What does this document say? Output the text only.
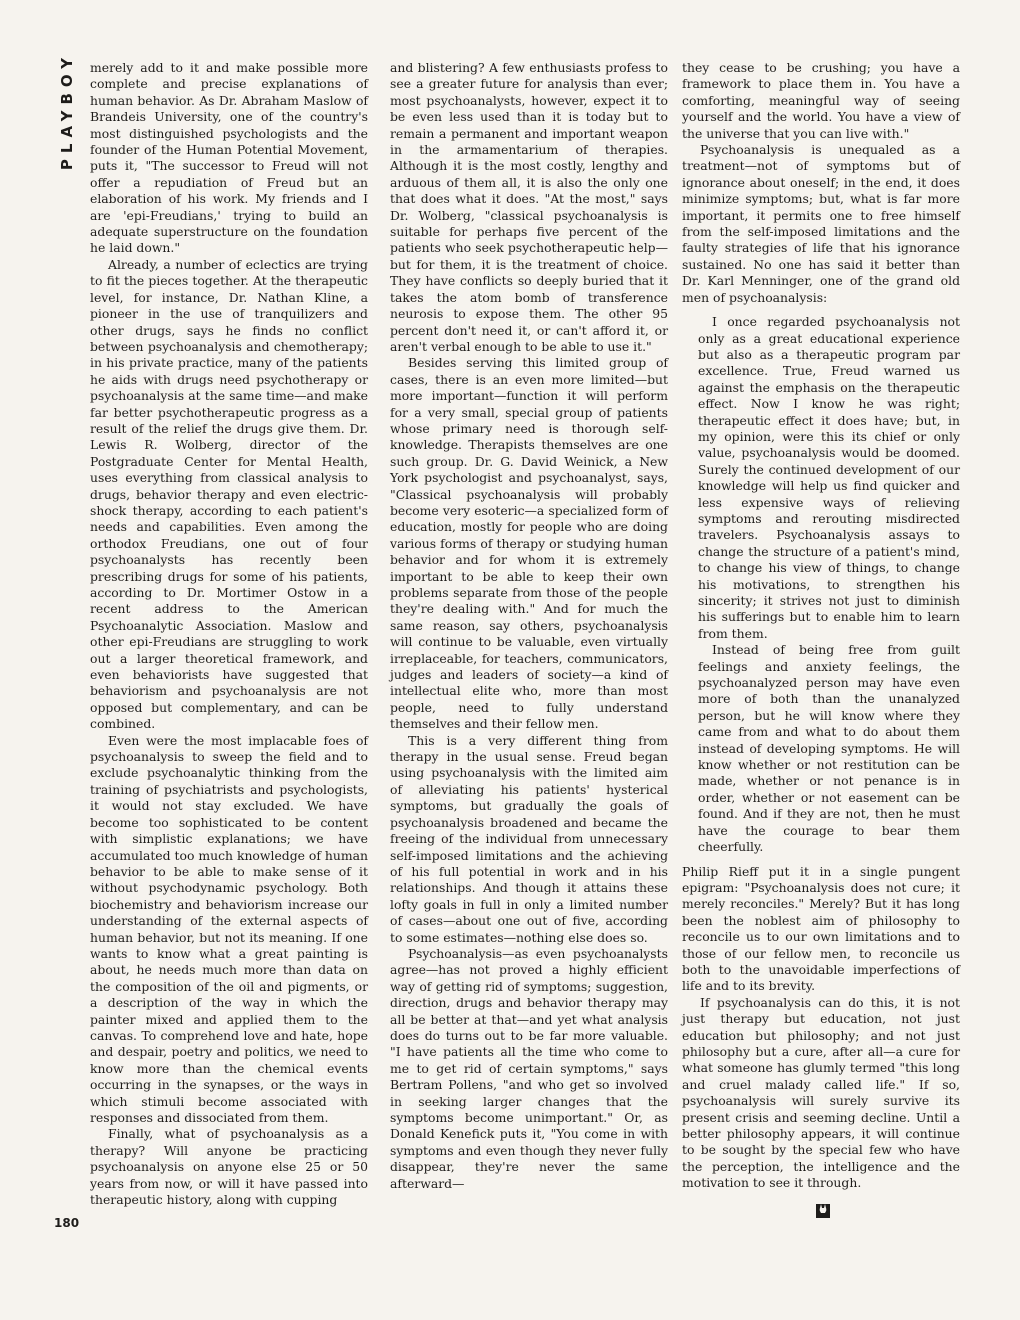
PLAYBOY
180

merely add to it and make possible more complete and precise explanations of human behavior. As Dr. Abraham Maslow of Brandeis University, one of the country's most distinguished psychologists and the founder of the Human Potential Movement, puts it, "The successor to Freud will not offer a repudiation of Freud but an elaboration of his work. My friends and I are 'epi-Freudians,' trying to build an adequate superstructure on the foundation he laid down."

Already, a number of eclectics are trying to fit the pieces together. At the therapeutic level, for instance, Dr. Nathan Kline, a pioneer in the use of tranquilizers and other drugs, says he finds no conflict between psychoanalysis and chemotherapy; in his private practice, many of the patients he aids with drugs need psychotherapy or psychoanalysis at the same time—and make far better psychotherapeutic progress as a result of the relief the drugs give them. Dr. Lewis R. Wolberg, director of the Postgraduate Center for Mental Health, uses everything from classical analysis to drugs, behavior therapy and even electric-shock therapy, according to each patient's needs and capabilities. Even among the orthodox Freudians, one out of four psychoanalysts has recently been prescribing drugs for some of his patients, according to Dr. Mortimer Ostow in a recent address to the American Psychoanalytic Association. Maslow and other epi-Freudians are struggling to work out a larger theoretical framework, and even behaviorists have suggested that behaviorism and psychoanalysis are not opposed but complementary, and can be combined.

Even were the most implacable foes of psychoanalysis to sweep the field and to exclude psychoanalytic thinking from the training of psychiatrists and psychologists, it would not stay excluded. We have become too sophisticated to be content with simplistic explanations; we have accumulated too much knowledge of human behavior to be able to make sense of it without psychodynamic psychology. Both biochemistry and behaviorism increase our understanding of the external aspects of human behavior, but not its meaning. If one wants to know what a great painting is about, he needs much more than data on the composition of the oil and pigments, or a description of the way in which the painter mixed and applied them to the canvas. To comprehend love and hate, hope and despair, poetry and politics, we need to know more than the chemical events occurring in the synapses, or the ways in which stimuli become associated with responses and dissociated from them.

Finally, what of psychoanalysis as a therapy? Will anyone be practicing psychoanalysis on anyone else 25 or 50 years from now, or will it have passed into therapeutic history, along with cupping

and blistering? A few enthusiasts profess to see a greater future for analysis than ever; most psychoanalysts, however, expect it to be even less used than it is today but to remain a permanent and important weapon in the armamentarium of therapies. Although it is the most costly, lengthy and arduous of them all, it is also the only one that does what it does. "At the most," says Dr. Wolberg, "classical psychoanalysis is suitable for perhaps five percent of the patients who seek psychotherapeutic help—but for them, it is the treatment of choice. They have conflicts so deeply buried that it takes the atom bomb of transference neurosis to expose them. The other 95 percent don't need it, or can't afford it, or aren't verbal enough to be able to use it."

Besides serving this limited group of cases, there is an even more limited—but more important—function it will perform for a very small, special group of patients whose primary need is thorough self-knowledge. Therapists themselves are one such group. Dr. G. David Weinick, a New York psychologist and psychoanalyst, says, "Classical psychoanalysis will probably become very esoteric—a specialized form of education, mostly for people who are doing various forms of therapy or studying human behavior and for whom it is extremely important to be able to keep their own problems separate from those of the people they're dealing with." And for much the same reason, say others, psychoanalysis will continue to be valuable, even virtually irreplaceable, for teachers, communicators, judges and leaders of society—a kind of intellectual elite who, more than most people, need to fully understand themselves and their fellow men.

This is a very different thing from therapy in the usual sense. Freud began using psychoanalysis with the limited aim of alleviating his patients' hysterical symptoms, but gradually the goals of psychoanalysis broadened and became the freeing of the individual from unnecessary self-imposed limitations and the achieving of his full potential in work and in his relationships. And though it attains these lofty goals in full in only a limited number of cases—about one out of five, according to some estimates—nothing else does so.

Psychoanalysis—as even psychoanalysts agree—has not proved a highly efficient way of getting rid of symptoms; suggestion, direction, drugs and behavior therapy may all be better at that—and yet what analysis does do turns out to be far more valuable. "I have patients all the time who come to me to get rid of certain symptoms," says Bertram Pollens, "and who get so involved in seeking larger changes that the symptoms become unimportant." Or, as Donald Kenefick puts it, "You come in with symptoms and even though they never fully disappear, they're never the same afterward—

they cease to be crushing; you have a framework to place them in. You have a comforting, meaningful way of seeing yourself and the world. You have a view of the universe that you can live with."

Psychoanalysis is unequaled as a treatment—not of symptoms but of ignorance about oneself; in the end, it does minimize symptoms; but, what is far more important, it permits one to free himself from the self-imposed limitations and the faulty strategies of life that his ignorance sustained. No one has said it better than Dr. Karl Menninger, one of the grand old men of psychoanalysis:

I once regarded psychoanalysis not only as a great educational experience but also as a therapeutic program par excellence. True, Freud warned us against the emphasis on the therapeutic effect. Now I know he was right; therapeutic effect it does have; but, in my opinion, were this its chief or only value, psychoanalysis would be doomed. Surely the continued development of our knowledge will help us find quicker and less expensive ways of relieving symptoms and rerouting misdirected travelers. Psychoanalysis assays to change the structure of a patient's mind, to change his view of things, to change his motivations, to strengthen his sincerity; it strives not just to diminish his sufferings but to enable him to learn from them.

Instead of being free from guilt feelings and anxiety feelings, the psychoanalyzed person may have even more of both than the unanalyzed person, but he will know where they came from and what to do about them instead of developing symptoms. He will know whether or not restitution can be made, whether or not penance is in order, whether or not easement can be found. And if they are not, then he must have the courage to bear them cheerfully.

Philip Rieff put it in a single pungent epigram: "Psychoanalysis does not cure; it merely reconciles." Merely? But it has long been the noblest aim of philosophy to reconcile us to our own limitations and to those of our fellow men, to reconcile us both to the unavoidable imperfections of life and to its brevity.

If psychoanalysis can do this, it is not just therapy but education, not just education but philosophy; and not just philosophy but a cure, after all—a cure for what someone has glumly termed "this long and cruel malady called life." If so, psychoanalysis will surely survive its present crisis and seeming decline. Until a better philosophy appears, it will continue to be sought by the special few who have the perception, the intelligence and the motivation to see it through.
